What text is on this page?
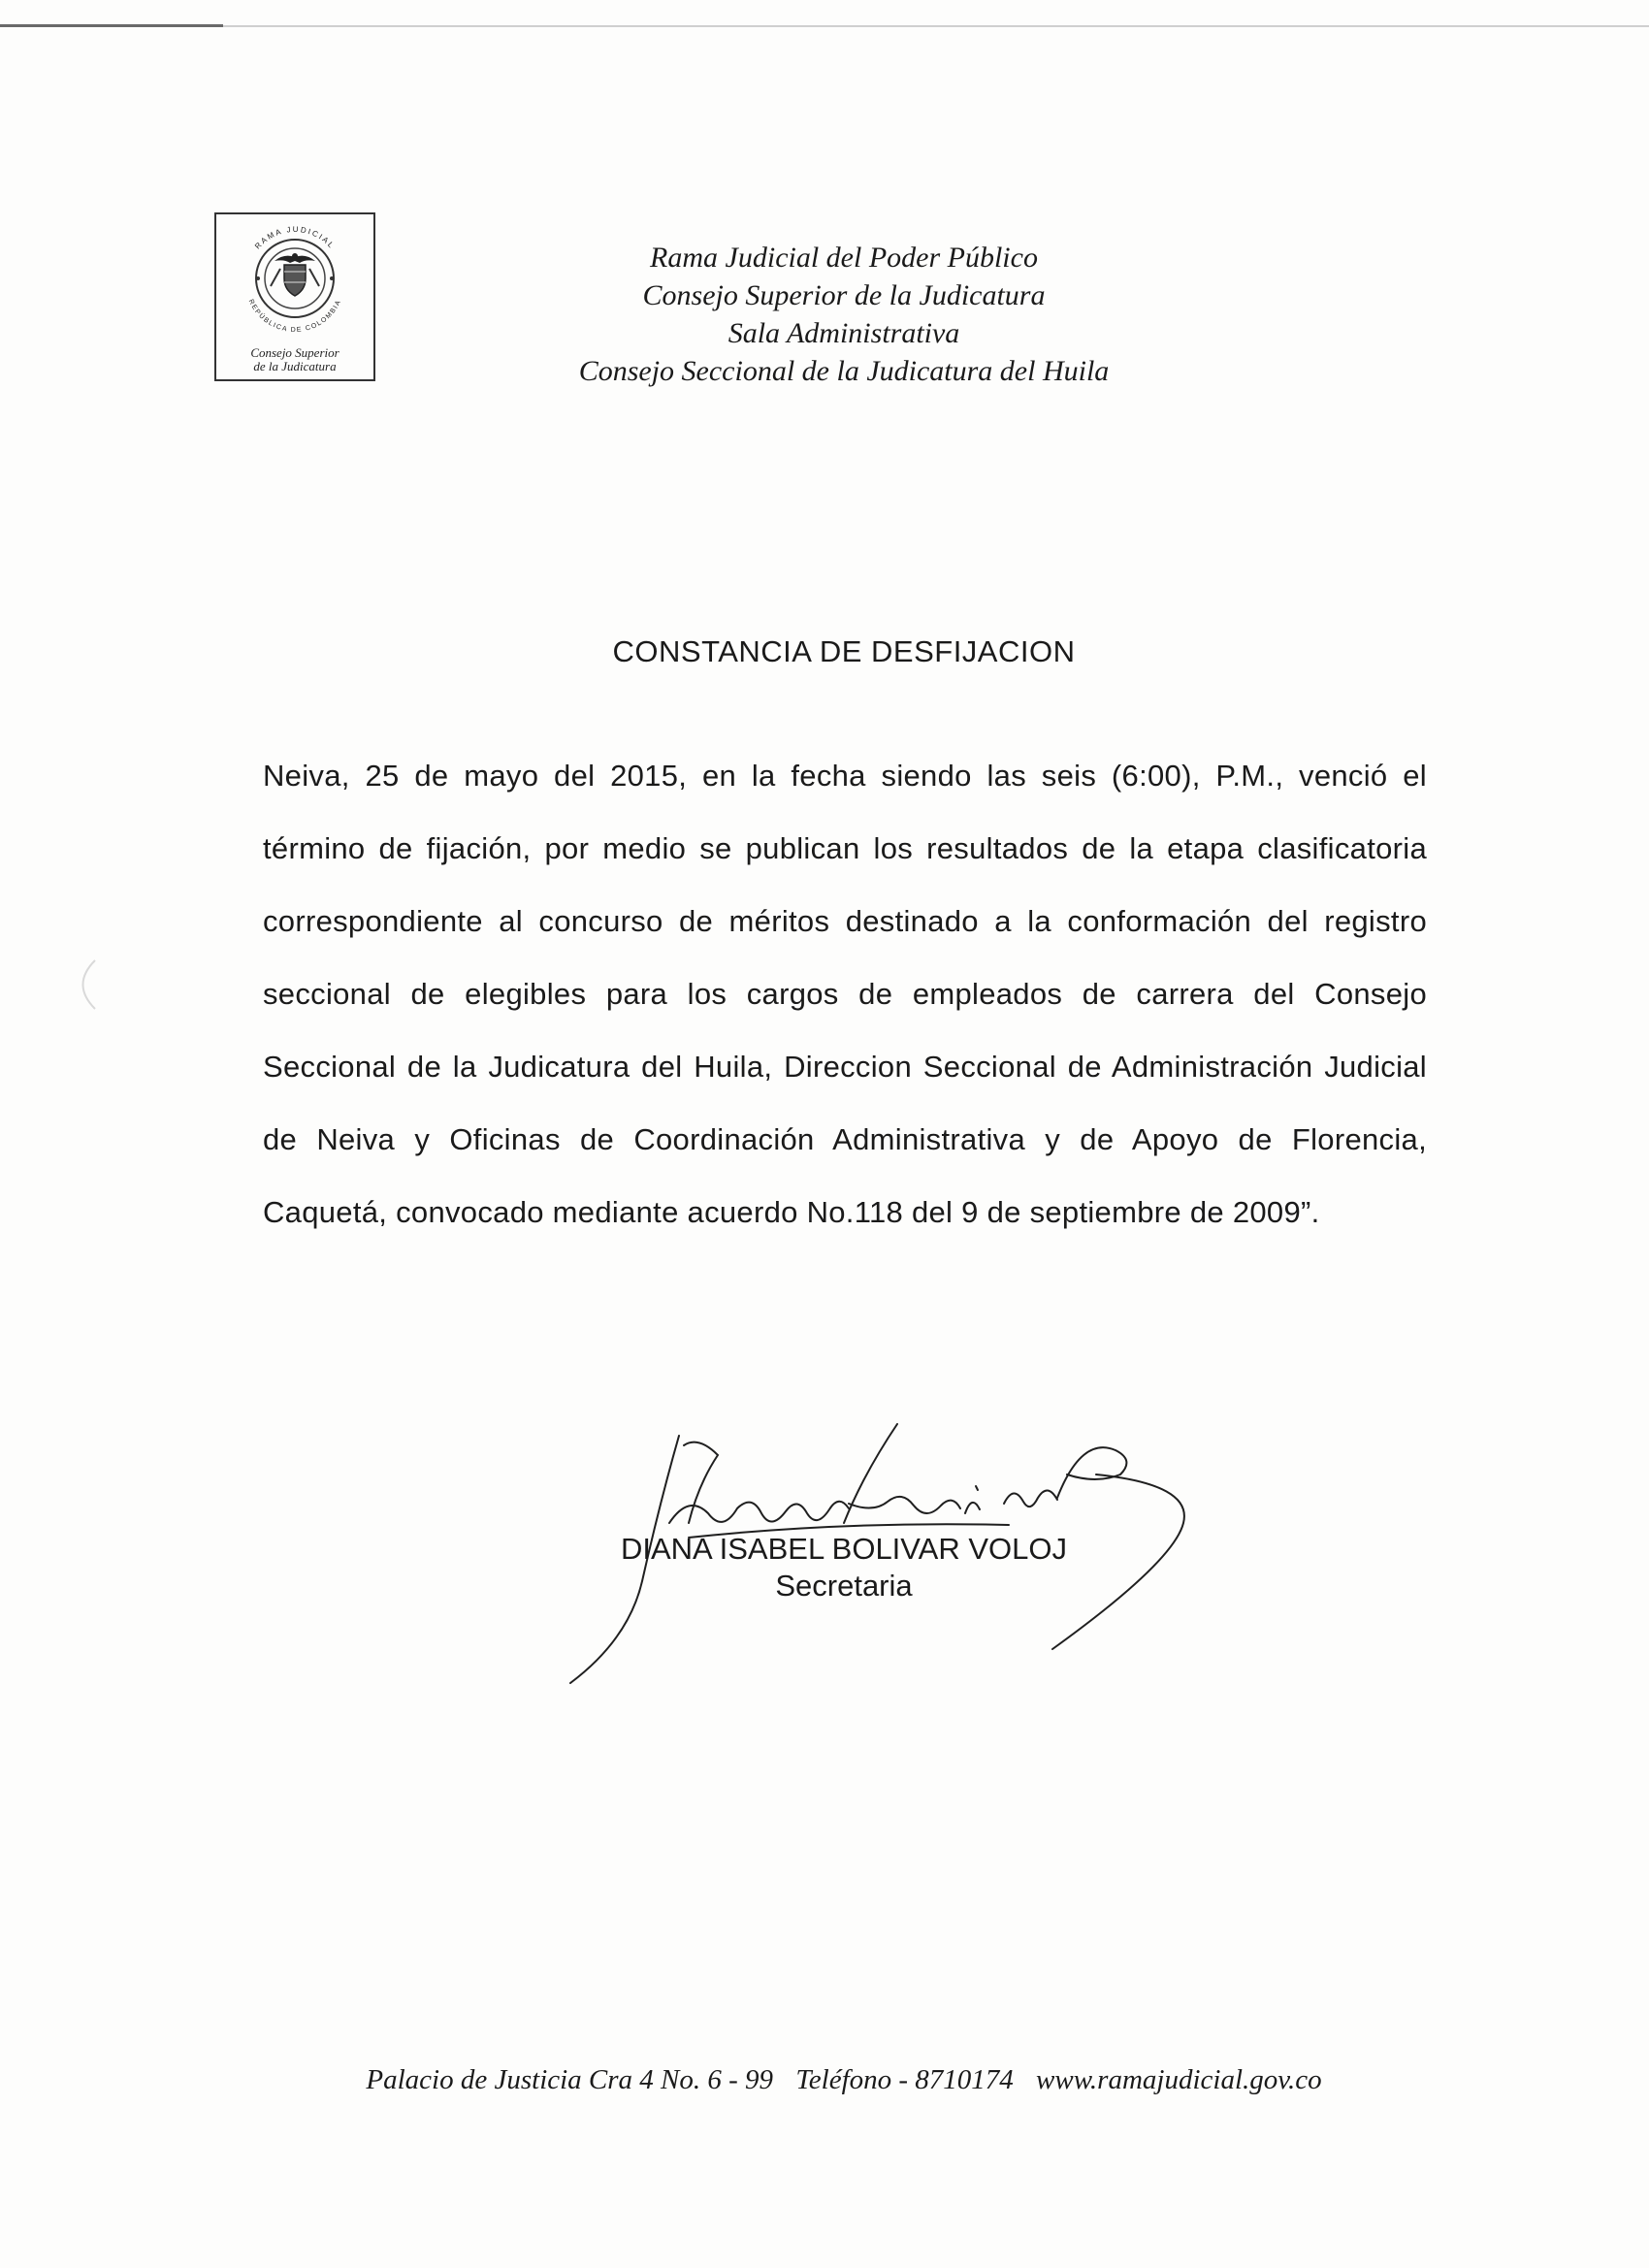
RAMA JUDICIAL
REPÚBLICA DE COLOMBIA
Consejo Superior
de la Judicatura
Rama Judicial del Poder Público
Consejo Superior de la Judicatura
Sala Administrativa
Consejo Seccional de la Judicatura del Huila
CONSTANCIA DE DESFIJACION

Neiva, 25 de mayo del 2015, en la fecha siendo las seis (6:00), P.M., venció el término de fijación, por medio se publican los resultados de la etapa clasificatoria correspondiente al concurso de méritos destinado a la conformación del registro seccional de elegibles para los cargos de empleados de carrera del Consejo Seccional de la Judicatura del Huila, Direccion Seccional de Administración Judicial de Neiva y Oficinas de Coordinación Administrativa y de Apoyo de Florencia, Caquetá, convocado mediante acuerdo No.118 del 9 de septiembre de 2009”.

DIANA ISABEL BOLIVAR VOLOJ
Secretaria
Palacio de Justicia Cra 4 No. 6 - 99 Teléfono - 8710174 www.ramajudicial.gov.co
